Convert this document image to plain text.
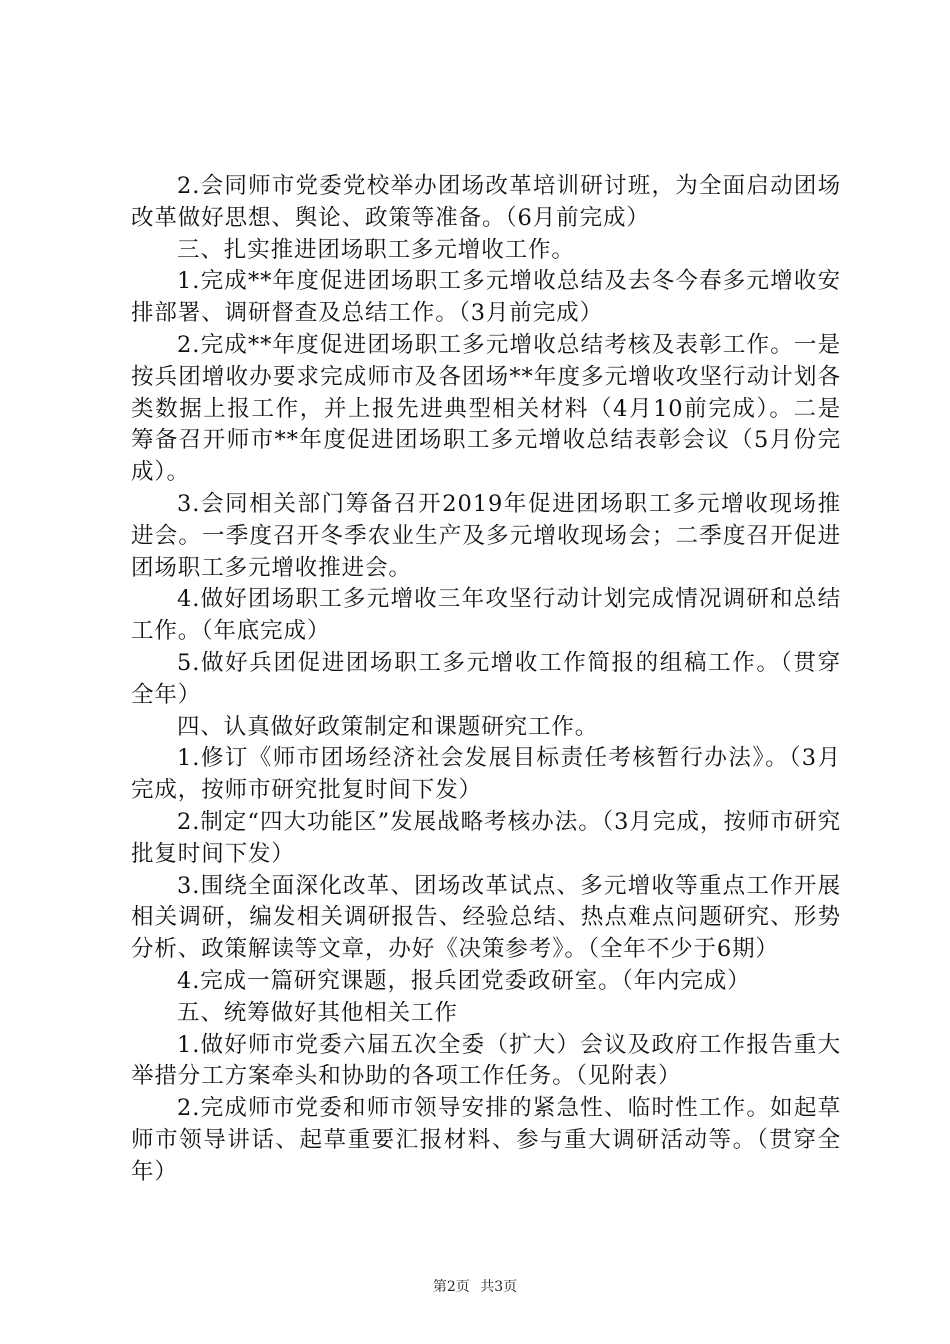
2.会同师市党委党校举办团场改革培训研讨班，为全面启动团场改革做好思想、舆论、政策等准备。（6月前完成）

三、扎实推进团场职工多元增收工作。

1.完成**年度促进团场职工多元增收总结及去冬今春多元增收安排部署、调研督查及总结工作。（3月前完成）

2.完成**年度促进团场职工多元增收总结考核及表彰工作。一是按兵团增收办要求完成师市及各团场**年度多元增收攻坚行动计划各类数据上报工作，并上报先进典型相关材料（4月10前完成）。二是筹备召开师市**年度促进团场职工多元增收总结表彰会议（5月份完成）。

3.会同相关部门筹备召开2019年促进团场职工多元增收现场推进会。一季度召开冬季农业生产及多元增收现场会；二季度召开促进团场职工多元增收推进会。

4.做好团场职工多元增收三年攻坚行动计划完成情况调研和总结工作。（年底完成）

5.做好兵团促进团场职工多元增收工作简报的组稿工作。（贯穿全年）

四、认真做好政策制定和课题研究工作。

1.修订《师市团场经济社会发展目标责任考核暂行办法》。（3月完成，按师市研究批复时间下发）

2.制定“四大功能区”发展战略考核办法。（3月完成，按师市研究批复时间下发）

3.围绕全面深化改革、团场改革试点、多元增收等重点工作开展相关调研，编发相关调研报告、经验总结、热点难点问题研究、形势分析、政策解读等文章，办好《决策参考》。（全年不少于6期）

4.完成一篇研究课题，报兵团党委政研室。（年内完成）

五、统筹做好其他相关工作

1.做好师市党委六届五次全委（扩大）会议及政府工作报告重大举措分工方案牵头和协助的各项工作任务。（见附表）

2.完成师市党委和师市领导安排的紧急性、临时性工作。如起草师市领导讲话、起草重要汇报材料、参与重大调研活动等。（贯穿全年）

第2页 共3页
